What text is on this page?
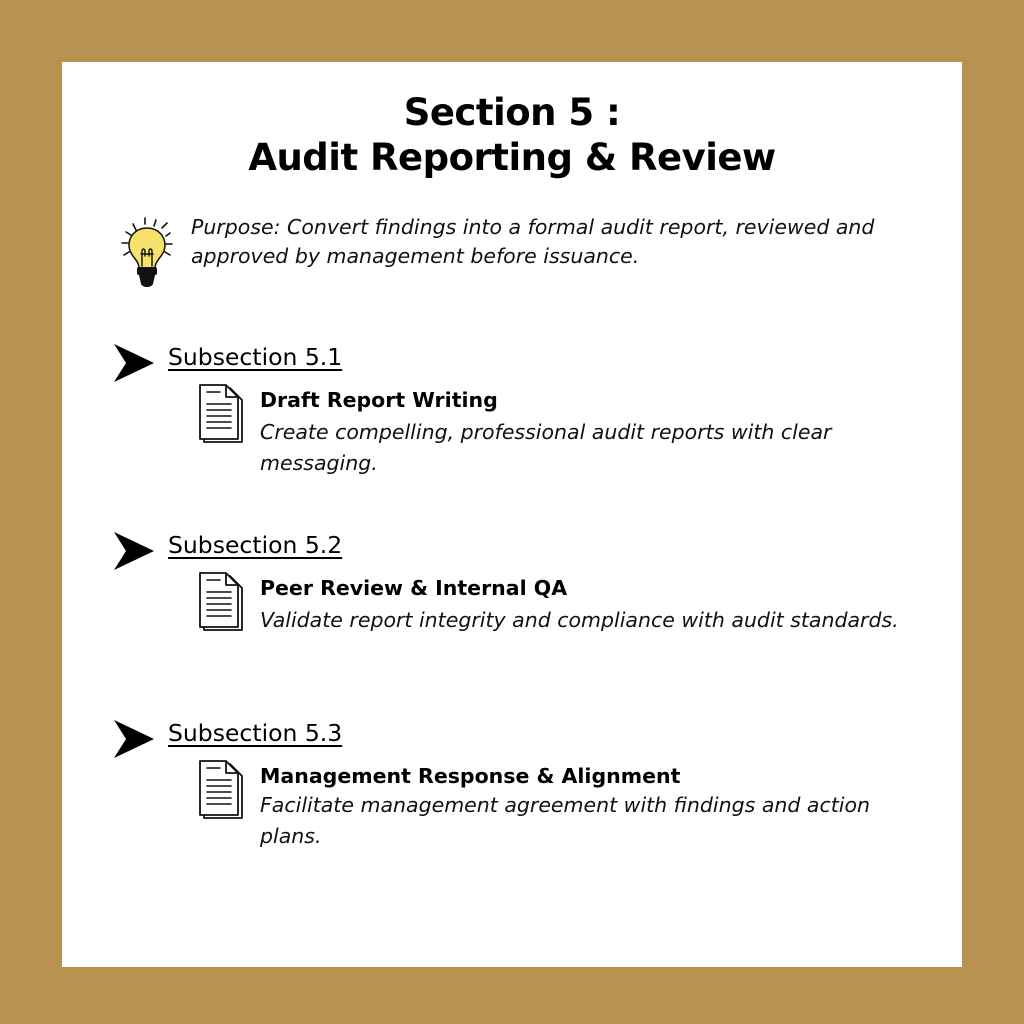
Section 5 :
Audit Reporting & Review
Purpose: Convert findings into a formal audit report, reviewed and approved by management before issuance.
Subsection 5.1
Draft Report Writing
Create compelling, professional audit reports with clear messaging.
Subsection 5.2
Peer Review & Internal QA
Validate report integrity and compliance with audit standards.
Subsection 5.3
Management Response & Alignment
Facilitate management agreement with findings and action plans.
